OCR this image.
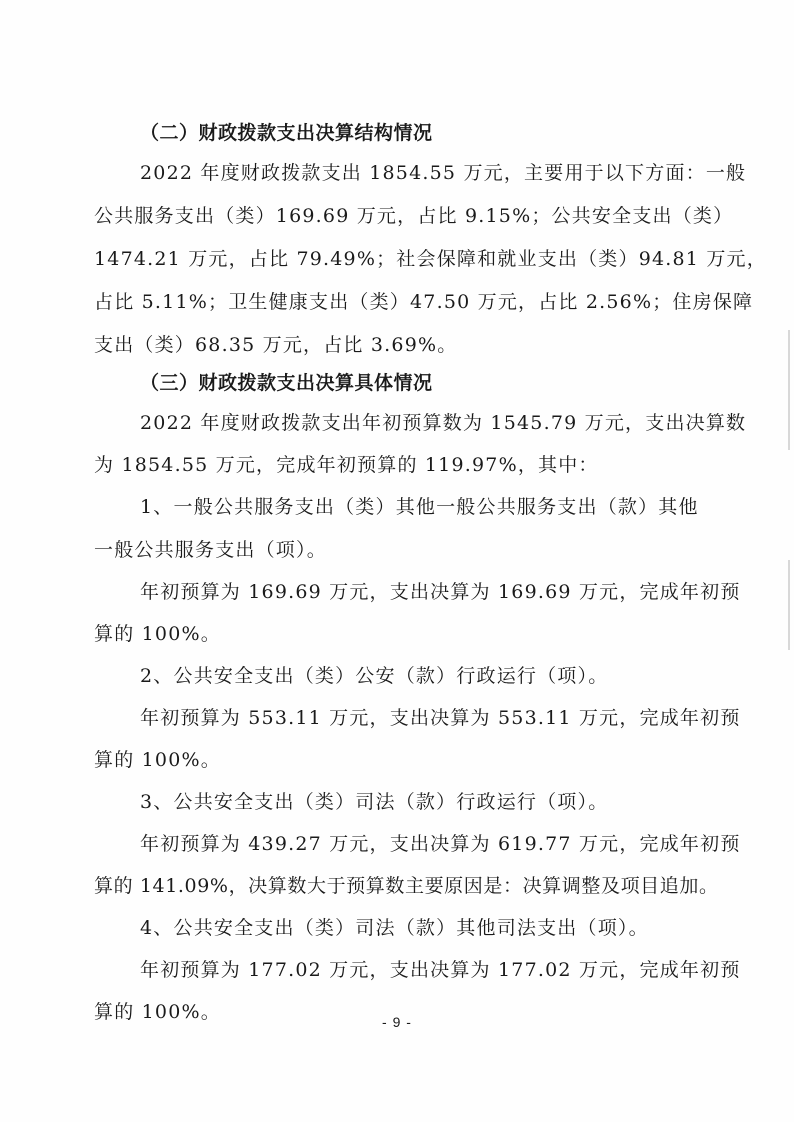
（二）财政拨款支出决算结构情况
2022 年度财政拨款支出 1854.55 万元，主要用于以下方面：一般
公共服务支出（类）169.69 万元，占比 9.15%；公共安全支出（类）
1474.21 万元，占比 79.49%；社会保障和就业支出（类）94.81 万元，
占比 5.11%；卫生健康支出（类）47.50 万元，占比 2.56%；住房保障
支出（类）68.35 万元，占比 3.69%。
（三）财政拨款支出决算具体情况
2022 年度财政拨款支出年初预算数为 1545.79 万元，支出决算数
为 1854.55 万元，完成年初预算的 119.97%，其中：
1、一般公共服务支出（类）其他一般公共服务支出（款）其他
一般公共服务支出（项）。
年初预算为 169.69 万元，支出决算为 169.69 万元，完成年初预
算的 100%。
2、公共安全支出（类）公安（款）行政运行（项）。
年初预算为 553.11 万元，支出决算为 553.11 万元，完成年初预
算的 100%。
3、公共安全支出（类）司法（款）行政运行（项）。
年初预算为 439.27 万元，支出决算为 619.77 万元，完成年初预
算的 141.09%，决算数大于预算数主要原因是：决算调整及项目追加。
4、公共安全支出（类）司法（款）其他司法支出（项）。
年初预算为 177.02 万元，支出决算为 177.02 万元，完成年初预
算的 100%。	- 9 -
